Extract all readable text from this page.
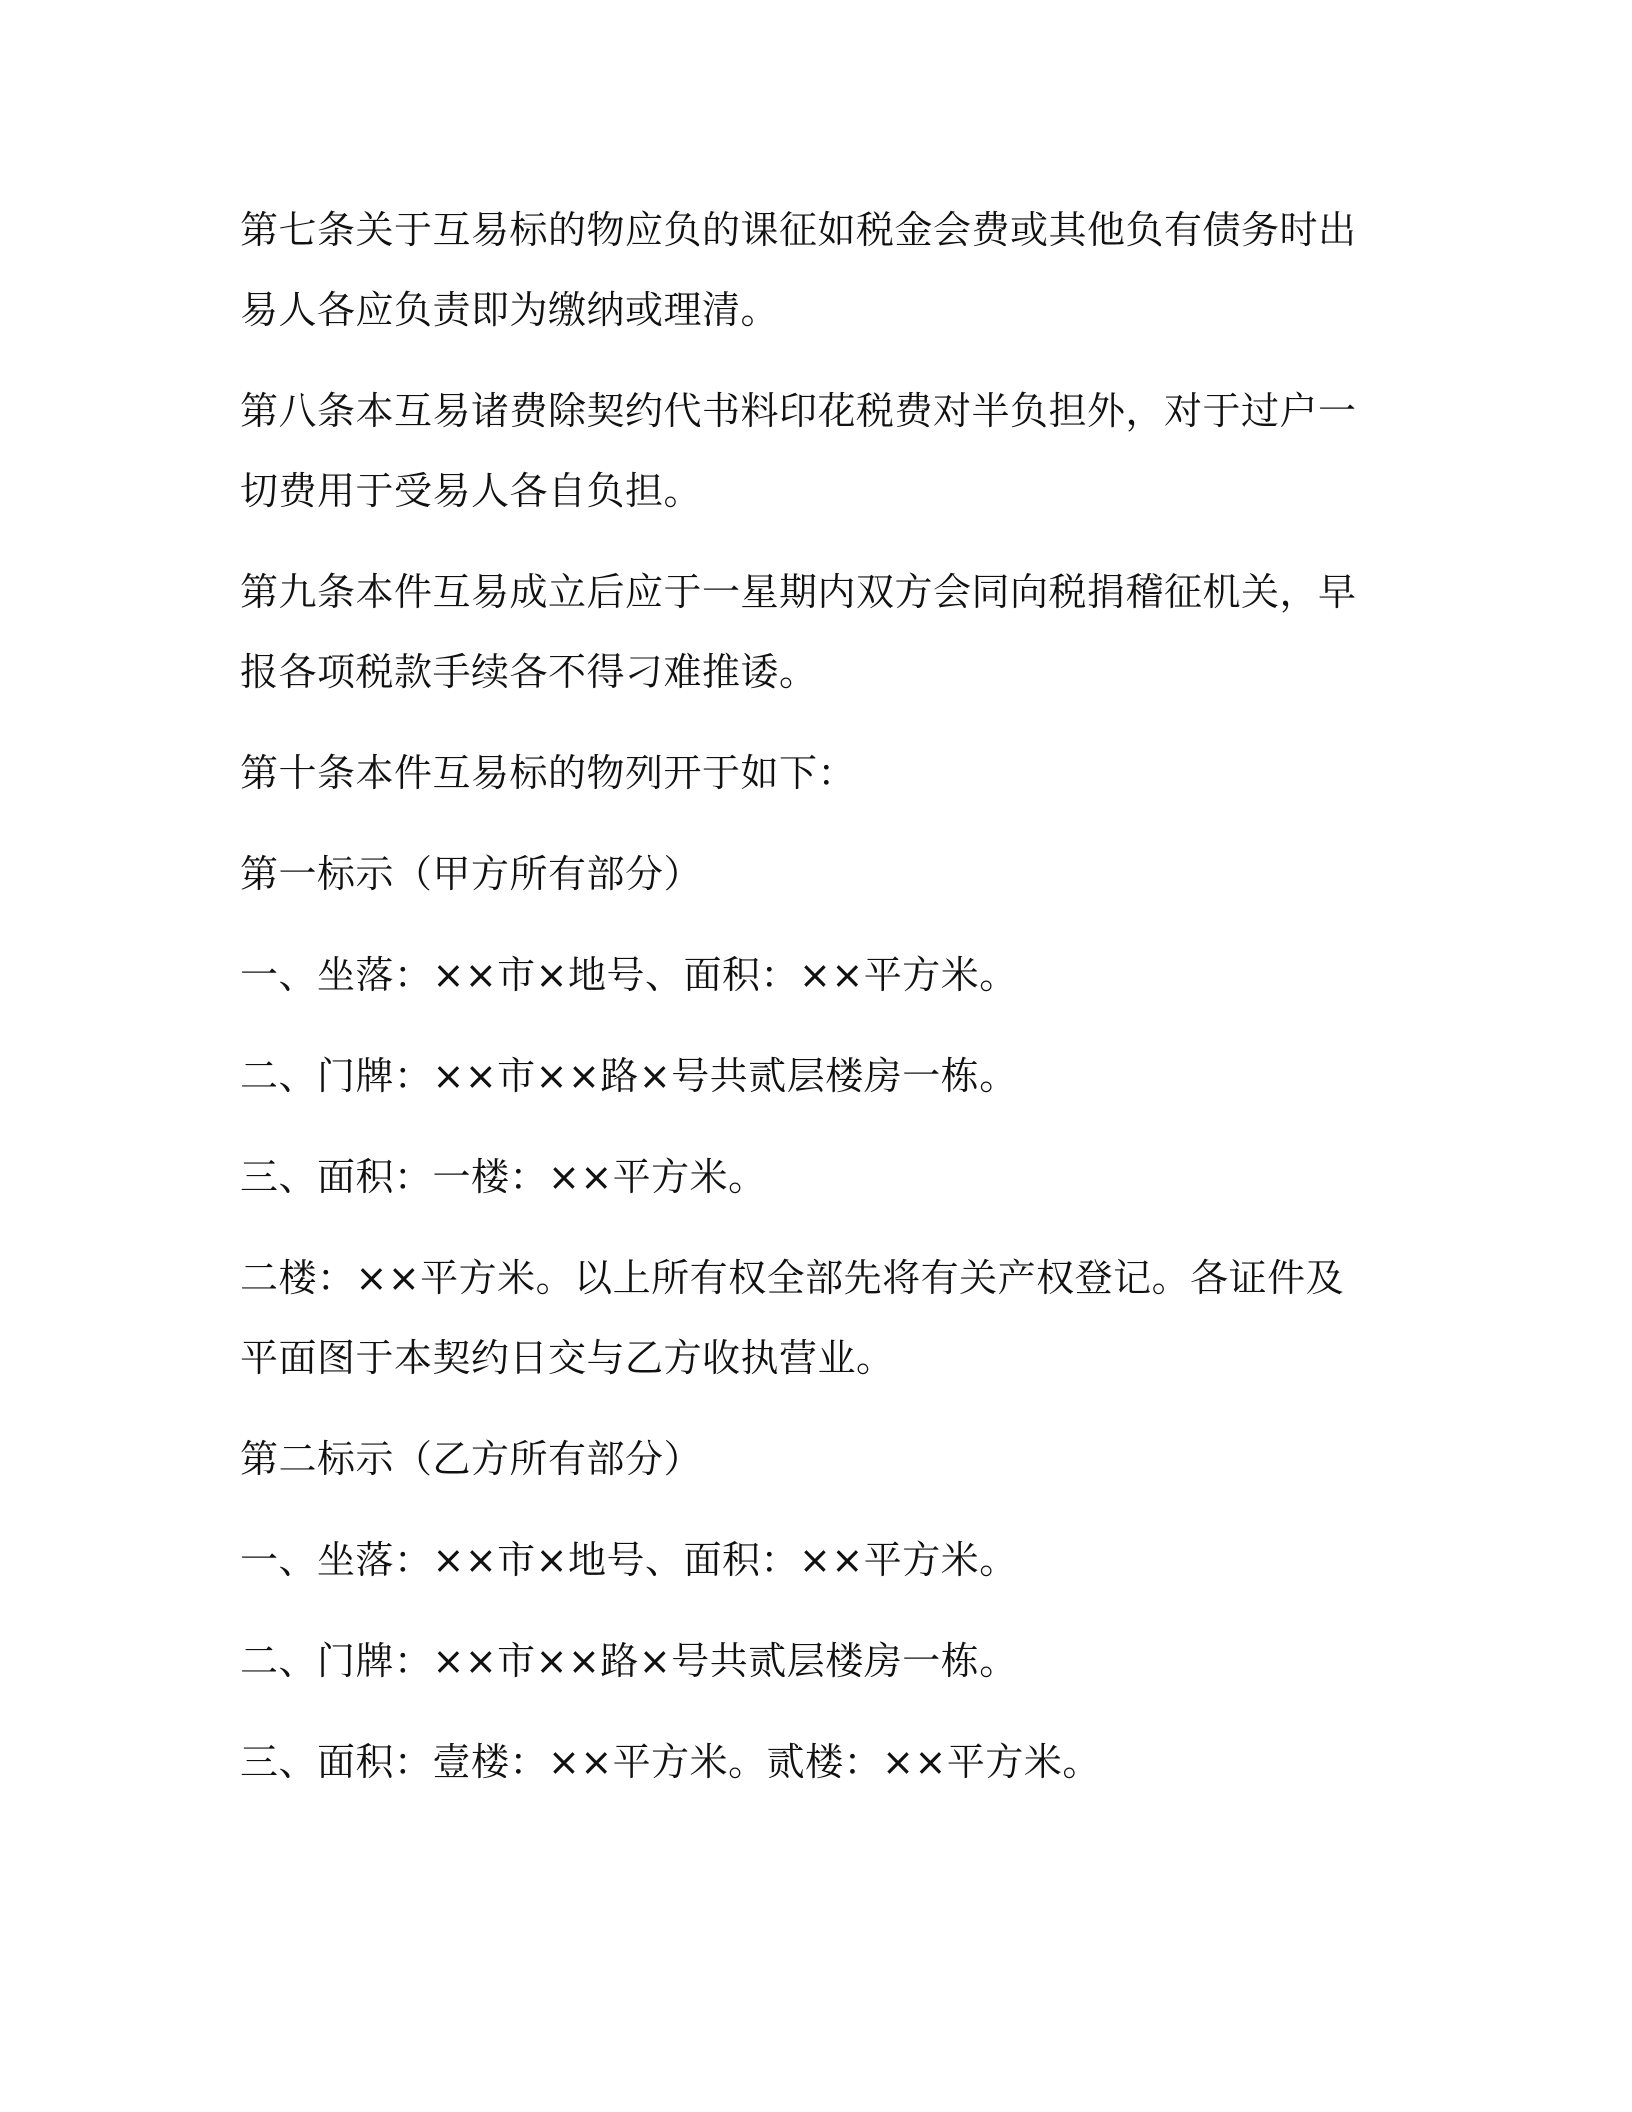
第七条关于互易标的物应负的课征如税金会费或其他负有债务时出易人各应负责即为缴纳或理清。

第八条本互易诸费除契约代书料印花税费对半负担外，对于过户一切费用于受易人各自负担。

第九条本件互易成立后应于一星期内双方会同向税捐稽征机关，早报各项税款手续各不得刁难推诿。

第十条本件互易标的物列开于如下：

第一标示（甲方所有部分）

一、坐落：××市×地号、面积：××平方米。

二、门牌：××市××路×号共贰层楼房一栋。

三、面积：一楼：××平方米。

二楼：××平方米。以上所有权全部先将有关产权登记。各证件及平面图于本契约日交与乙方收执营业。

第二标示（乙方所有部分）

一、坐落：××市×地号、面积：××平方米。

二、门牌：××市××路×号共贰层楼房一栋。

三、面积：壹楼：××平方米。贰楼：××平方米。
